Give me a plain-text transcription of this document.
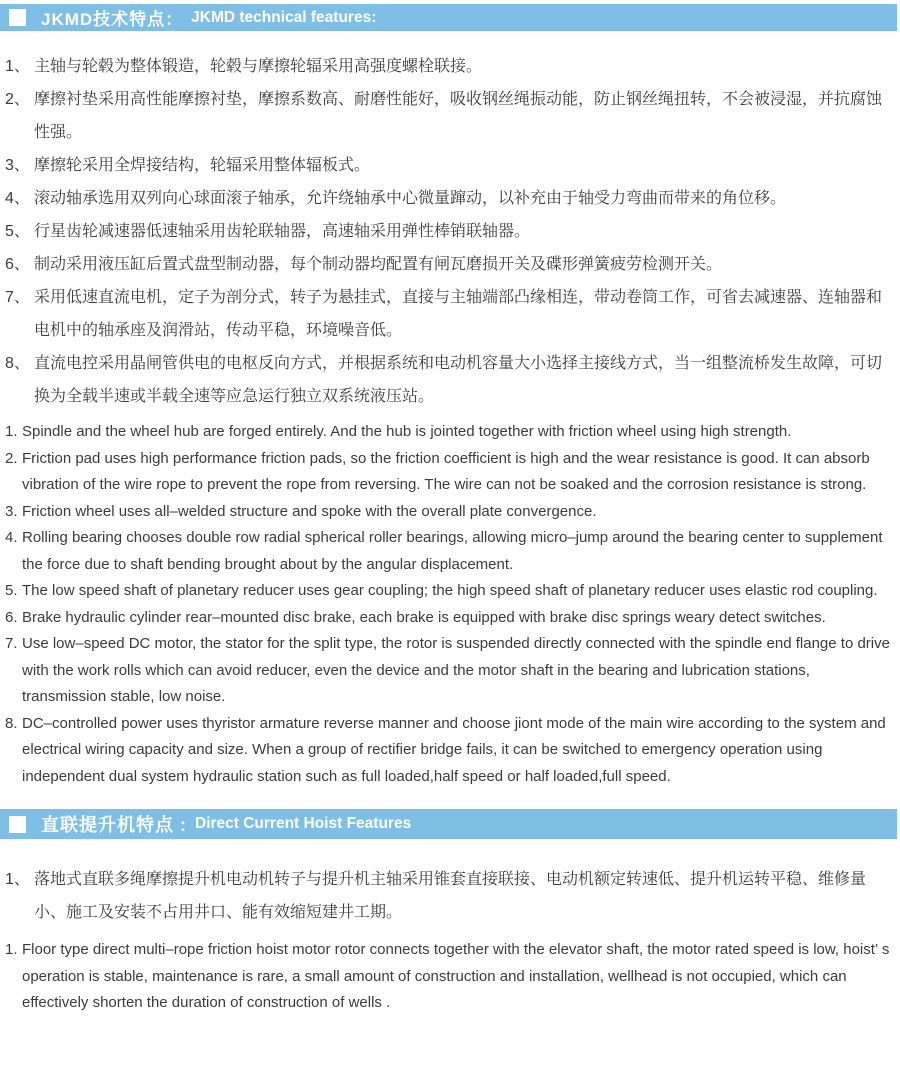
JKMD技术特点： JKMD technical features:
1、 主轴与轮毂为整体锻造，轮毂与摩擦轮辐采用高强度螺栓联接。
2、 摩擦衬垫采用高性能摩擦衬垫，摩擦系数高、耐磨性能好，吸收钢丝绳振动能，防止钢丝绳扭转，不会被浸湿，并抗腐蚀性强。
3、 摩擦轮采用全焊接结构，轮辐采用整体辐板式。
4、 滚动轴承选用双列向心球面滚子轴承，允许绕轴承中心微量蹿动，以补充由于轴受力弯曲而带来的角位移。
5、 行星齿轮减速器低速轴采用齿轮联轴器，高速轴采用弹性棒销联轴器。
6、 制动采用液压缸后置式盘型制动器，每个制动器均配置有闸瓦磨损开关及碟形弹簧疲劳检测开关。
7、 采用低速直流电机，定子为剖分式，转子为悬挂式，直接与主轴端部凸缘相连，带动卷筒工作，可省去减速器、连轴器和电机中的轴承座及润滑站，传动平稳，环境噪音低。
8、 直流电控采用晶闸管供电的电枢反向方式，并根据系统和电动机容量大小选择主接线方式，当一组整流桥发生故障，可切换为全载半速或半载全速等应急运行独立双系统液压站。
1. Spindle and the wheel hub are forged entirely. And the hub is jointed together with friction wheel using high strength.
2. Friction pad uses high performance friction pads, so the friction coefficient is high and the wear resistance is good. It can absorb vibration of the wire rope to prevent the rope from reversing. The wire can not be soaked and the corrosion resistance is strong.
3. Friction wheel uses all–welded structure and spoke with the overall plate convergence.
4. Rolling bearing chooses double row radial spherical roller bearings, allowing micro–jump around the bearing center to supplement the force due to shaft bending brought about by the angular displacement.
5. The low speed shaft of planetary reducer uses gear coupling; the high speed shaft of planetary reducer uses elastic rod coupling.
6. Brake hydraulic cylinder rear–mounted disc brake, each brake is equipped with brake disc springs weary detect switches.
7. Use low–speed DC motor, the stator for the split type, the rotor is suspended directly connected with the spindle end flange to drive with the work rolls which can avoid reducer, even the device and the motor shaft in the bearing and lubrication stations, transmission stable, low noise.
8. DC–controlled power uses thyristor armature reverse manner and choose jiont mode of the main wire according to the system and electrical wiring capacity and size. When a group of rectifier bridge fails, it can be switched to emergency operation using independent dual system hydraulic station such as full loaded,half speed or half loaded,full speed.
直联提升机特点 : Direct Current Hoist Features
1、 落地式直联多绳摩擦提升机电动机转子与提升机主轴采用锥套直接联接、电动机额定转速低、提升机运转平稳、维修量小、施工及安装不占用井口、能有效缩短建井工期。
1. Floor type direct multi–rope friction hoist motor rotor connects together with the elevator shaft, the motor rated speed is low, hoist’ s operation is stable, maintenance is rare, a small amount of construction and installation, wellhead is not occupied, which can effectively shorten the duration of construction of wells .
